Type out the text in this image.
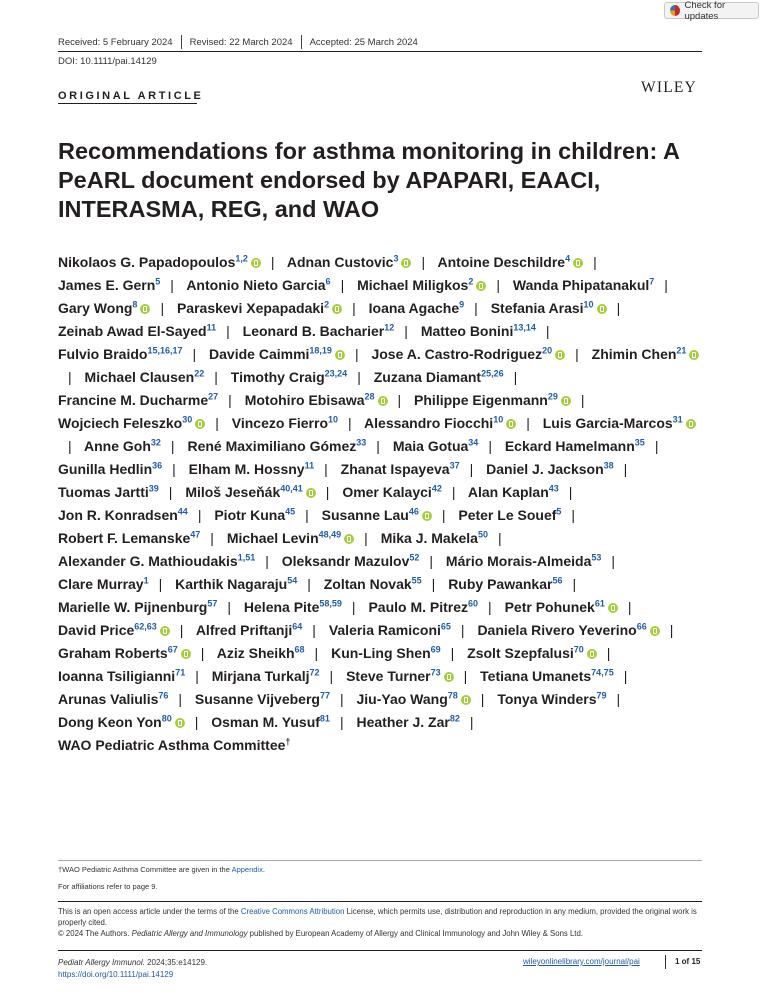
Check for updates
Received: 5 February 2024 Revised: 22 March 2024 Accepted: 25 March 2024
DOI: 10.1111/pai.14129
ORIGINAL ARTICLE	WILEY
Recommendations for asthma monitoring in children: A PeARL document endorsed by APAPARI, EAACI, INTERASMA, REG, and WAO
Nikolaos G. Papadopoulos$^{1,2}$ | Adnan Custovic$^3$ | Antoine Deschildre$^4$ | James E. Gern$^5$ | Antonio Nieto Garcia$^6$ | Michael Miligkos$^2$ | Wanda Phipatanakul$^7$ | Gary Wong$^8$ | Paraskevi Xepapadaki$^2$ | Ioana Agache$^9$ | Stefania Arasi$^{10}$ | Zeinab Awad El-Sayed$^{11}$ | Leonard B. Bacharier$^{12}$ | Matteo Bonini$^{13,14}$ | Fulvio Braido$^{15,16,17}$ | Davide Caimmi$^{18,19}$ | Jose A. Castro-Rodriguez$^{20}$ | Zhimin Chen$^{21}$| Michael Clausen$^{22}$ | Timothy Craig$^{23,24}$ | Zuzana Diamant$^{25,26}$ | Francine M. Ducharme$^{27}$ | Motohiro Ebisawa$^{28}$ | Philippe Eigenmann$^{29}$ | Wojciech Feleszko$^{30}$ | Vincezo Fierro$^{10}$ | Alessandro Fiocchi$^{10}$ | Luis Garcia-Marcos$^{31}$| Anne Goh$^{32}$ | René Maximiliano Gómez$^{33}$ | Maia Gotua$^{34}$ | Eckard Hamelmann$^{35}$ | Gunilla Hedlin$^{36}$ | Elham M. Hossny$^{11}$ | Zhanat Ispayeva$^{37}$ | Daniel J. Jackson$^{38}$ | Tuomas Jartti$^{39}$ | Miloš Jeseňák$^{40,41}$ | Omer Kalayci$^{42}$ | Alan Kaplan$^{43}$ | Jon R. Konradsen$^{44}$ | Piotr Kuna$^{45}$ | Susanne Lau$^{46}$ | Peter Le Souef$^5$ | Robert F. Lemanske$^{47}$ | Michael Levin$^{48,49}$ | Mika J. Makela$^{50}$ | Alexander G. Mathioudakis$^{1,51}$ | Oleksandr Mazulov$^{52}$ | Mário Morais-Almeida$^{53}$ | Clare Murray$^1$ | Karthik Nagaraju$^{54}$ | Zoltan Novak$^{55}$ | Ruby Pawankar$^{56}$ | Marielle W. Pijnenburg$^{57}$ | Helena Pite$^{58,59}$ | Paulo M. Pitrez$^{60}$ | Petr Pohunek$^{61}$ | David Price$^{62,63}$ | Alfred Priftanji$^{64}$ | Valeria Ramiconi$^{65}$ | Daniela Rivero Yeverino$^{66}$ | Graham Roberts$^{67}$ | Aziz Sheikh$^{68}$ | Kun-Ling Shen$^{69}$ | Zsolt Szepfalusi$^{70}$ | Ioanna Tsiligianni$^{71}$ | Mirjana Turkalj$^{72}$ | Steve Turner$^{73}$ | Tetiana Umanets$^{74,75}$ | Arunas Valiulis$^{76}$ | Susanne Vijveberg$^{77}$ | Jiu-Yao Wang$^{78}$ | Tonya Winders$^{79}$ | Dong Keon Yon$^{80}$ | Osman M. Yusuf$^{81}$ | Heather J. Zar$^{82}$ |
WAO Pediatric Asthma Committee†
†WAO Pediatric Asthma Committee are given in the Appendix.
For affiliations refer to page 9.
This is an open access article under the terms of the Creative Commons Attribution License, which permits use, distribution and reproduction in any medium, provided the original work is properly cited.
© 2024 The Authors. Pediatric Allergy and Immunology published by European Academy of Allergy and Clinical Immunology and John Wiley & Sons Ltd.
Pediatr Allergy Immunol. 2024;35:e14129.
https://doi.org/10.1111/pai.14129
wileyonlinelibrary.com/journal/pai	1 of 15
